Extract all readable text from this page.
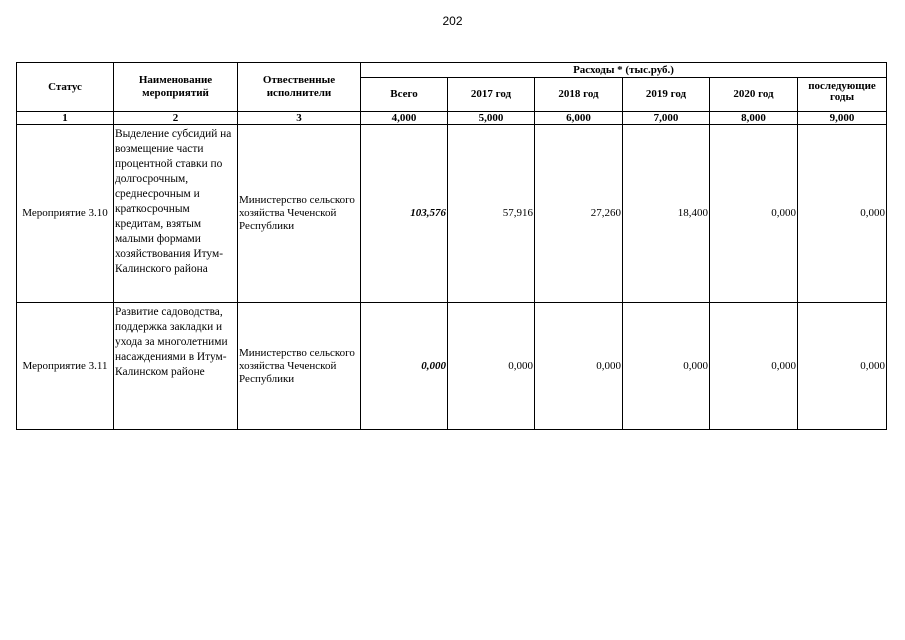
202
Статус	Наименование мероприятий	Отвественные исполнители	Расходы * (тыс.руб.)					
			Всего	2017 год	2018 год	2019 год	2020 год	последующие годы
1	2	3	4,000	5,000	6,000	7,000	8,000	9,000
Мероприятие 3.10	Выделение субсидий на возмещение части процентной ставки по долгосрочным, среднесрочным и краткосрочным кредитам, взятым малыми формами хозяйствования Итум-Калинского района	Министерство сельского хозяйства Чеченской Республики	103,576	57,916	27,260	18,400	0,000	0,000
Мероприятие 3.11	Развитие садоводства, поддержка закладки и ухода за многолетними насаждениями в Итум-Калинском районе	Министерство сельского хозяйства Чеченской Республики	0,000	0,000	0,000	0,000	0,000	0,000
